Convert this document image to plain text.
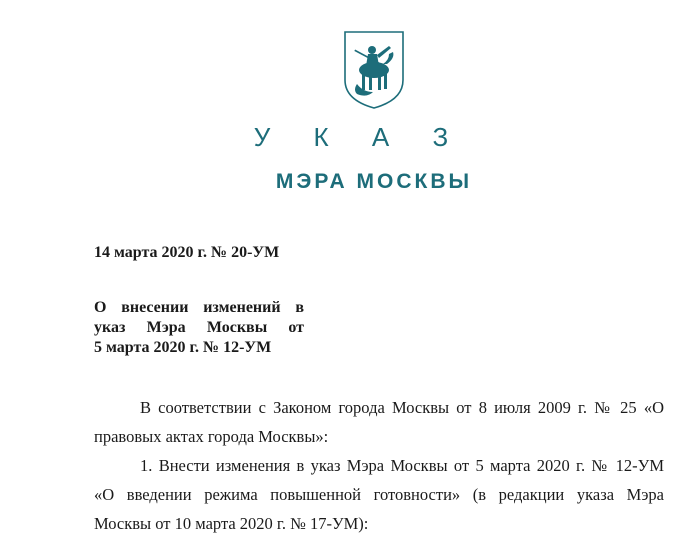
У К А З
МЭРА МОСКВЫ
14 марта 2020 г. № 20-УМ
О внесении изменений в
указ Мэра Москвы от
5 марта 2020 г. № 12-УМ
В соответствии с Законом города Москвы от 8 июля 2009 г. № 25 «О
правовых актах города Москвы»:
1. Внести изменения в указ Мэра Москвы от 5 марта 2020 г. № 12-УМ
«О введении режима повышенной готовности» (в редакции указа Мэра
Москвы от 10 марта 2020 г. № 17-УМ):
